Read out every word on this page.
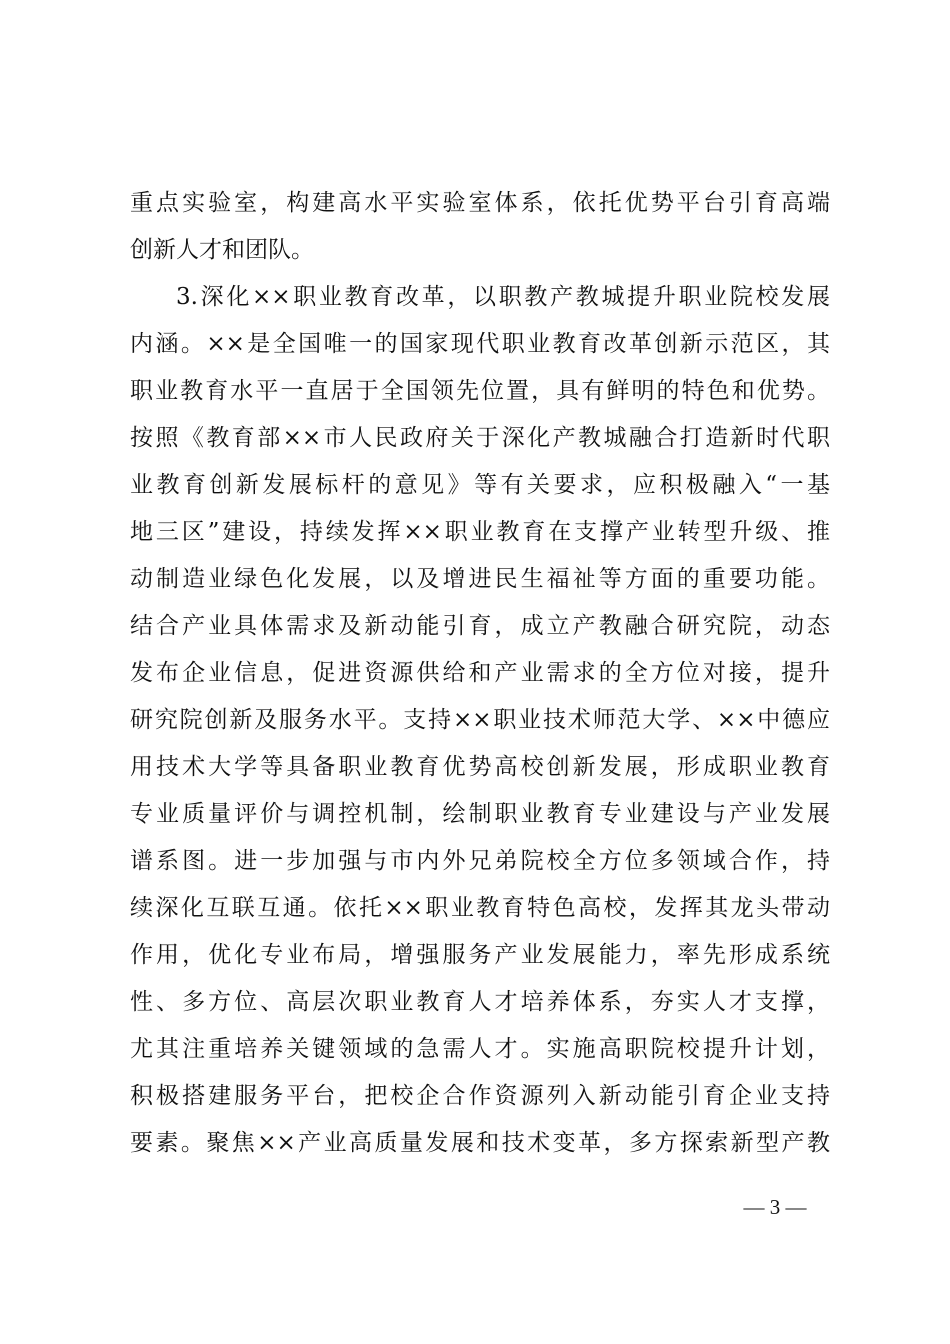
重点实验室，构建高水平实验室体系，依托优势平台引育高端
创新人才和团队。
3.深化××职业教育改革，以职教产教城提升职业院校发展
内涵。××是全国唯一的国家现代职业教育改革创新示范区，其
职业教育水平一直居于全国领先位置，具有鲜明的特色和优势。
按照《教育部××市人民政府关于深化产教城融合打造新时代职
业教育创新发展标杆的意见》等有关要求，应积极融入“一基
地三区”建设，持续发挥××职业教育在支撑产业转型升级、推
动制造业绿色化发展，以及增进民生福祉等方面的重要功能。
结合产业具体需求及新动能引育，成立产教融合研究院，动态
发布企业信息，促进资源供给和产业需求的全方位对接，提升
研究院创新及服务水平。支持××职业技术师范大学、××中德应
用技术大学等具备职业教育优势高校创新发展，形成职业教育
专业质量评价与调控机制，绘制职业教育专业建设与产业发展
谱系图。进一步加强与市内外兄弟院校全方位多领域合作，持
续深化互联互通。依托××职业教育特色高校，发挥其龙头带动
作用，优化专业布局，增强服务产业发展能力，率先形成系统
性、多方位、高层次职业教育人才培养体系，夯实人才支撑，
尤其注重培养关键领域的急需人才。实施高职院校提升计划，
积极搭建服务平台，把校企合作资源列入新动能引育企业支持
要素。聚焦××产业高质量发展和技术变革，多方探索新型产教
— 3 —
